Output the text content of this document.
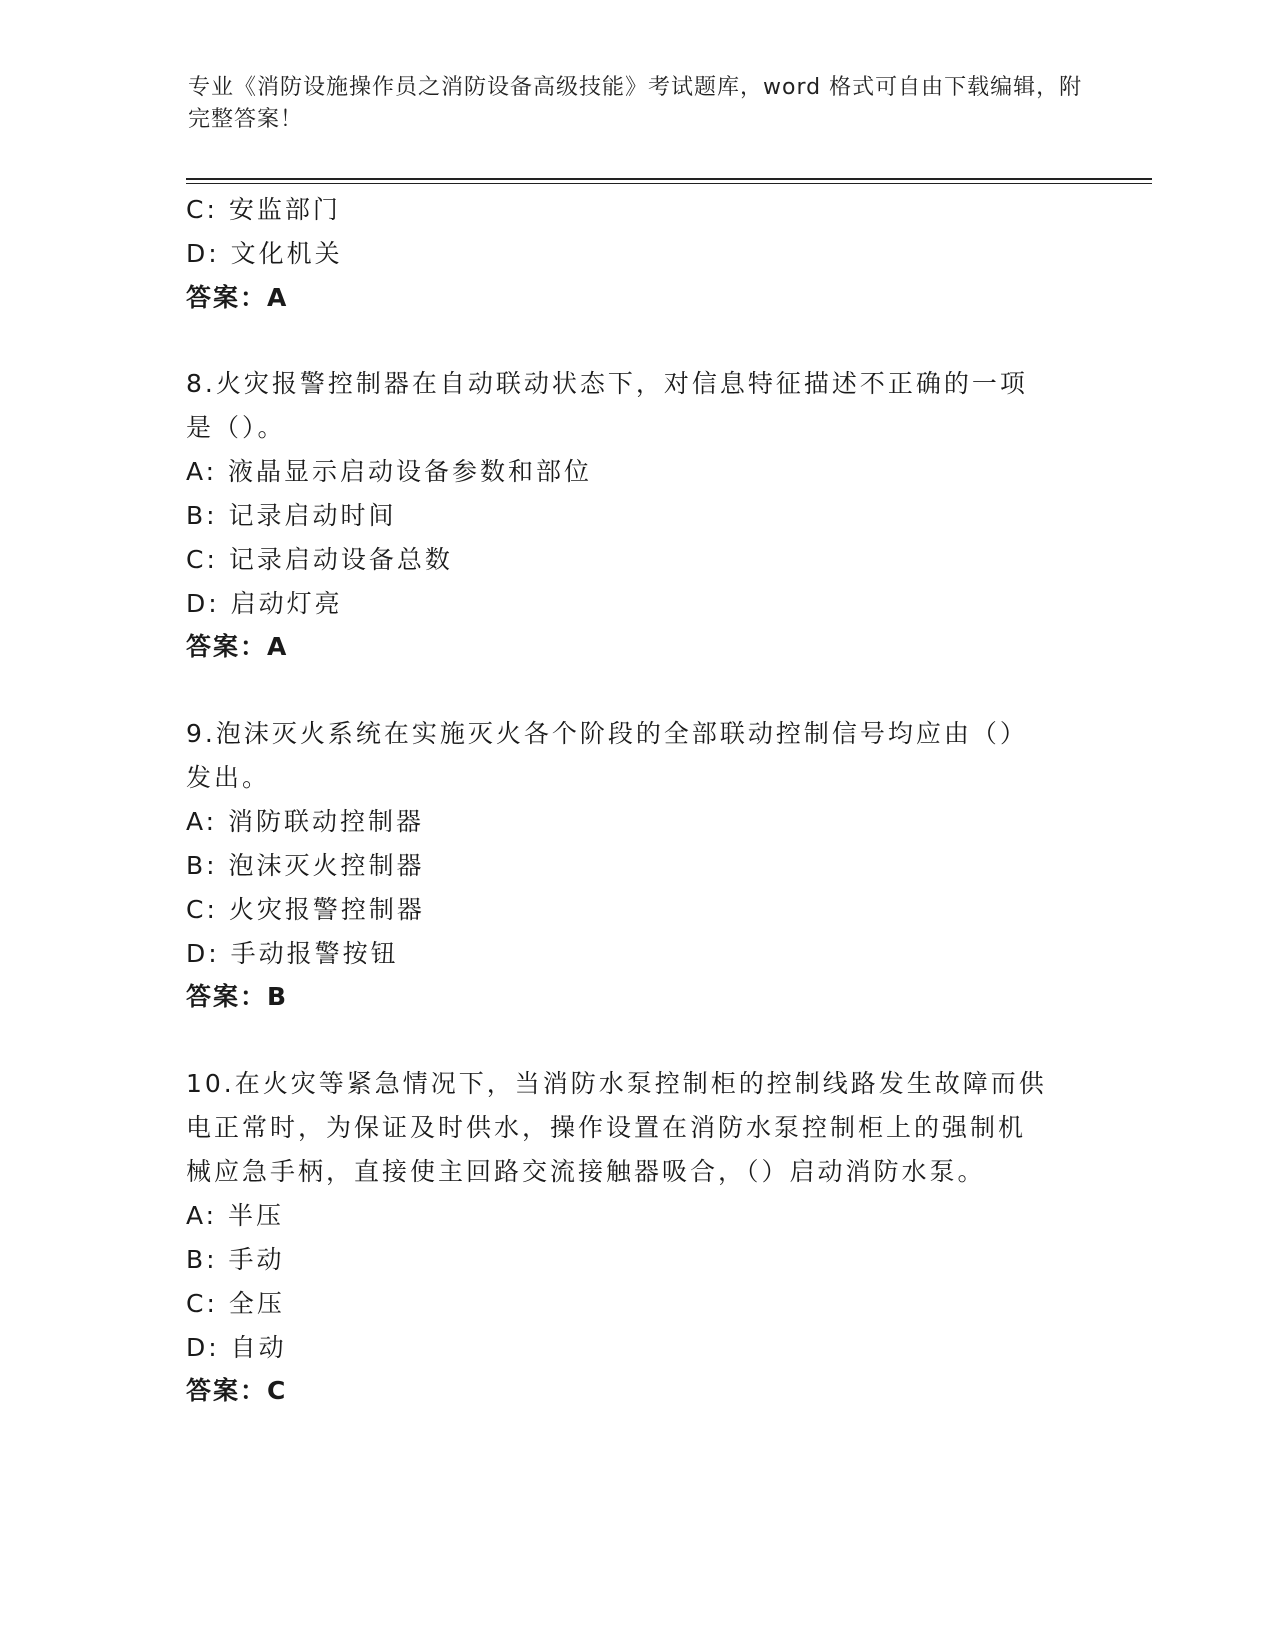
专业《消防设施操作员之消防设备高级技能》考试题库，word 格式可自由下载编辑，附完整答案！
C: 安监部门
D: 文化机关
答案：A
8.火灾报警控制器在自动联动状态下，对信息特征描述不正确的一项
是（）。
A: 液晶显示启动设备参数和部位
B: 记录启动时间
C: 记录启动设备总数
D: 启动灯亮
答案：A
9.泡沫灭火系统在实施灭火各个阶段的全部联动控制信号均应由（）
发出。
A: 消防联动控制器
B: 泡沫灭火控制器
C: 火灾报警控制器
D: 手动报警按钮
答案：B
10.在火灾等紧急情况下，当消防水泵控制柜的控制线路发生故障而供
电正常时，为保证及时供水，操作设置在消防水泵控制柜上的强制机
械应急手柄，直接使主回路交流接触器吸合，（）启动消防水泵。
A: 半压
B: 手动
C: 全压
D: 自动
答案：C
